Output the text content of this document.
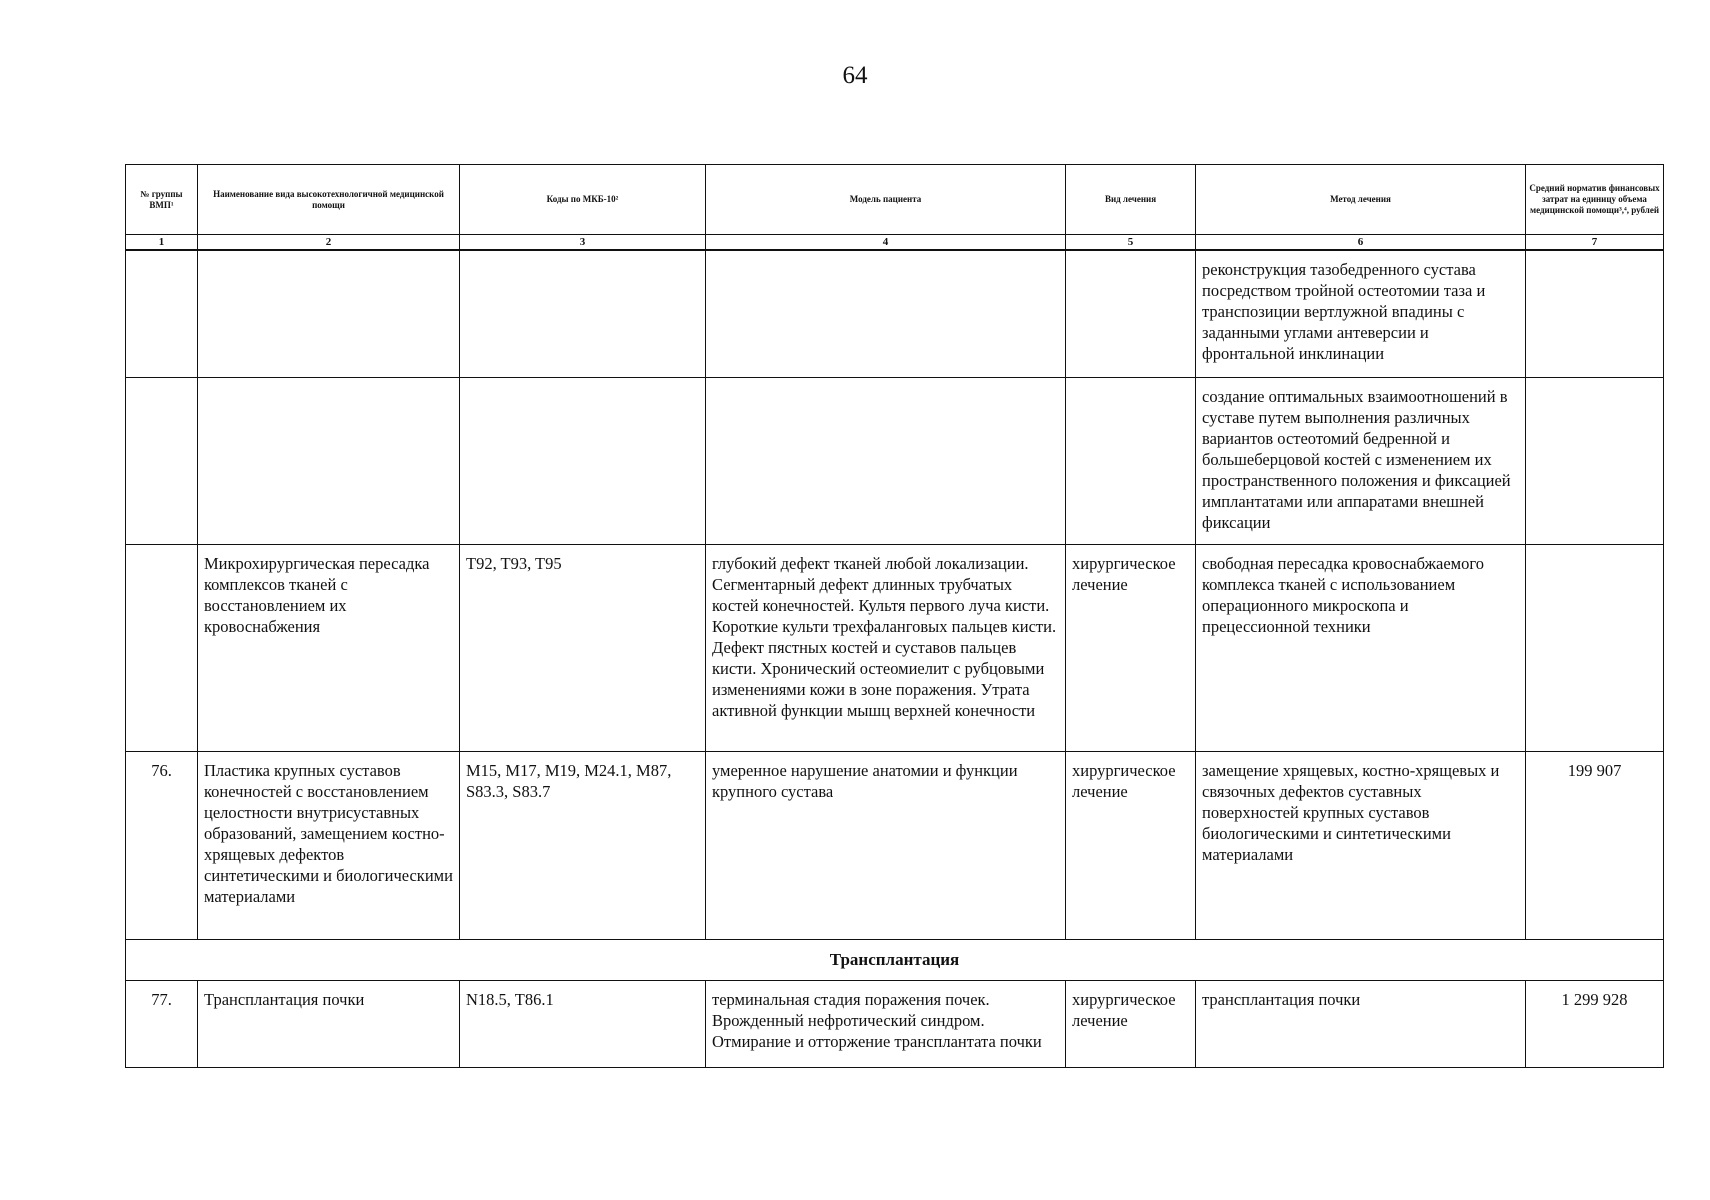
64
№ группы ВМП¹	Наименование вида высокотехнологичной медицинской помощи	Коды по МКБ-10²	Модель пациента	Вид лечения	Метод лечения	Средний норматив финансовых затрат на единицу объема медицинской помощи³,⁴, рублей
1	2	3	4	5	6	7
					реконструкция тазобедренного сустава посредством тройной остеотомии таза и транспозиции вертлужной впадины с заданными углами антеверсии и фронтальной инклинации	
					создание оптимальных взаимоотношений в суставе путем выполнения различных вариантов остеотомий бедренной и большеберцовой костей с изменением их пространственного положения и фиксацией имплантатами или аппаратами внешней фиксации	
	Микрохирургическая пересадка комплексов тканей с восстановлением их кровоснабжения	T92, T93, T95	глубокий дефект тканей любой локализации. Сегментарный дефект длинных трубчатых костей конечностей. Культя первого луча кисти. Короткие культи трехфаланговых пальцев кисти. Дефект пястных костей и суставов пальцев кисти. Хронический остеомиелит с рубцовыми изменениями кожи в зоне поражения. Утрата активной функции мышц верхней конечности	хирургическое лечение	свободная пересадка кровоснабжаемого комплекса тканей с использованием операционного микроскопа и прецессионной техники	
76.	Пластика крупных суставов конечностей с восстановлением целостности внутрисуставных образований, замещением костно-хрящевых дефектов синтетическими и биологическими материалами	M15, M17, M19, M24.1, M87, S83.3, S83.7	умеренное нарушение анатомии и функции крупного сустава	хирургическое лечение	замещение хрящевых, костно-хрящевых и связочных дефектов суставных поверхностей крупных суставов биологическими и синтетическими материалами	199 907
Трансплантация						
77.	Трансплантация почки	N18.5, T86.1	терминальная стадия поражения почек. Врожденный нефротический синдром. Отмирание и отторжение трансплантата почки	хирургическое лечение	трансплантация почки	1 299 928
